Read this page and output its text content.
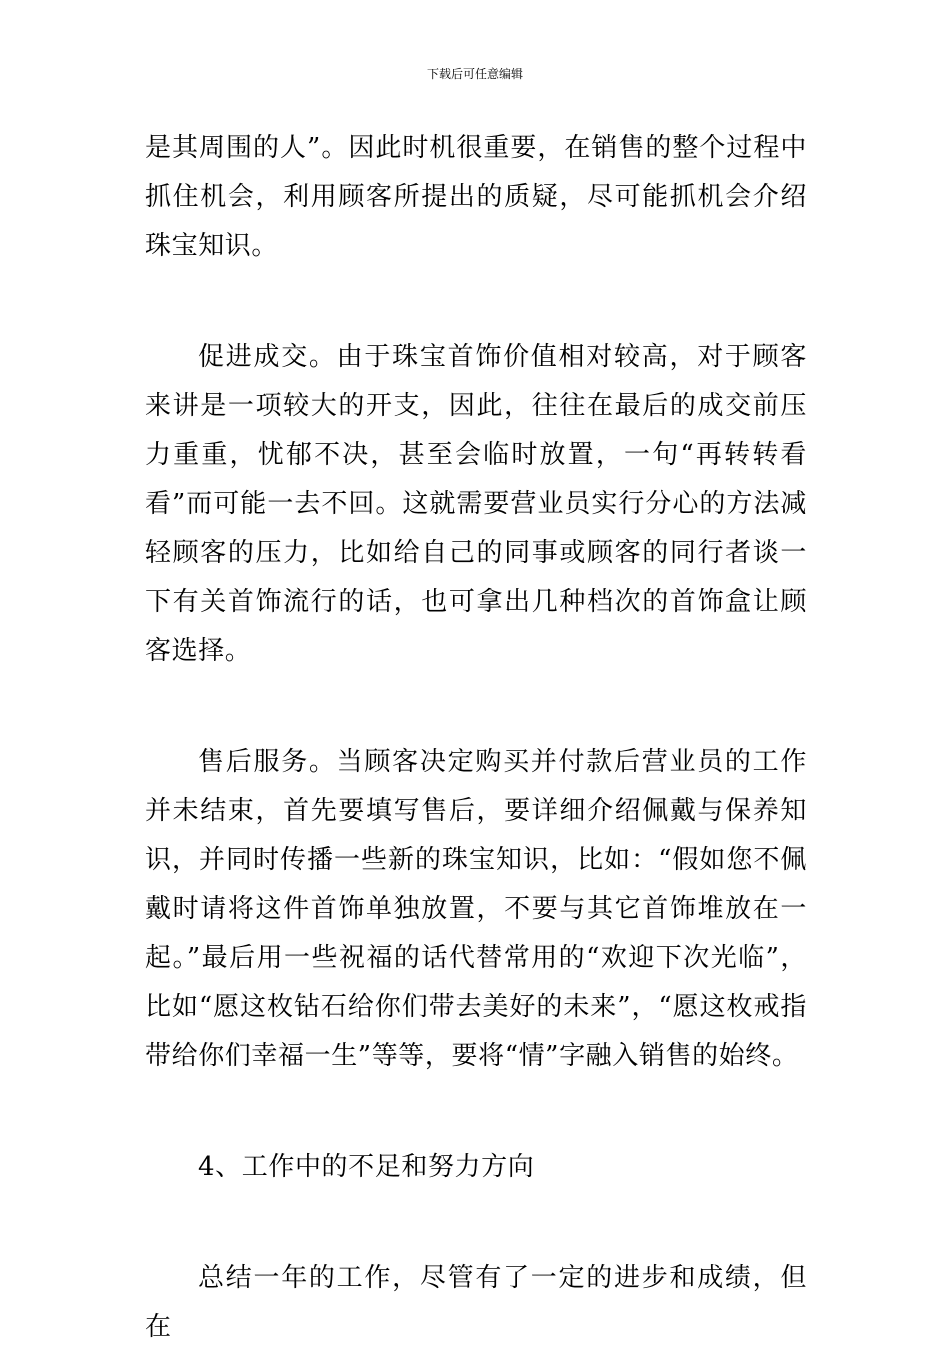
下载后可任意编辑

是其周围的人”。因此时机很重要，在销售的整个过程中抓住机会，利用顾客所提出的质疑，尽可能抓机会介绍珠宝知识。

促进成交。由于珠宝首饰价值相对较高，对于顾客来讲是一项较大的开支，因此，往往在最后的成交前压力重重，忧郁不决，甚至会临时放置，一句“再转转看看”而可能一去不回。这就需要营业员实行分心的方法减轻顾客的压力，比如给自己的同事或顾客的同行者谈一下有关首饰流行的话，也可拿出几种档次的首饰盒让顾客选择。

售后服务。当顾客决定购买并付款后营业员的工作并未结束，首先要填写售后，要详细介绍佩戴与保养知识，并同时传播一些新的珠宝知识，比如：“假如您不佩戴时请将这件首饰单独放置，不要与其它首饰堆放在一起。”最后用一些祝福的话代替常用的“欢迎下次光临”，比如“愿这枚钻石给你们带去美好的未来”，“愿这枚戒指带给你们幸福一生”等等，要将“情”字融入销售的始终。

4、工作中的不足和努力方向

总结一年的工作，尽管有了一定的进步和成绩，但在
